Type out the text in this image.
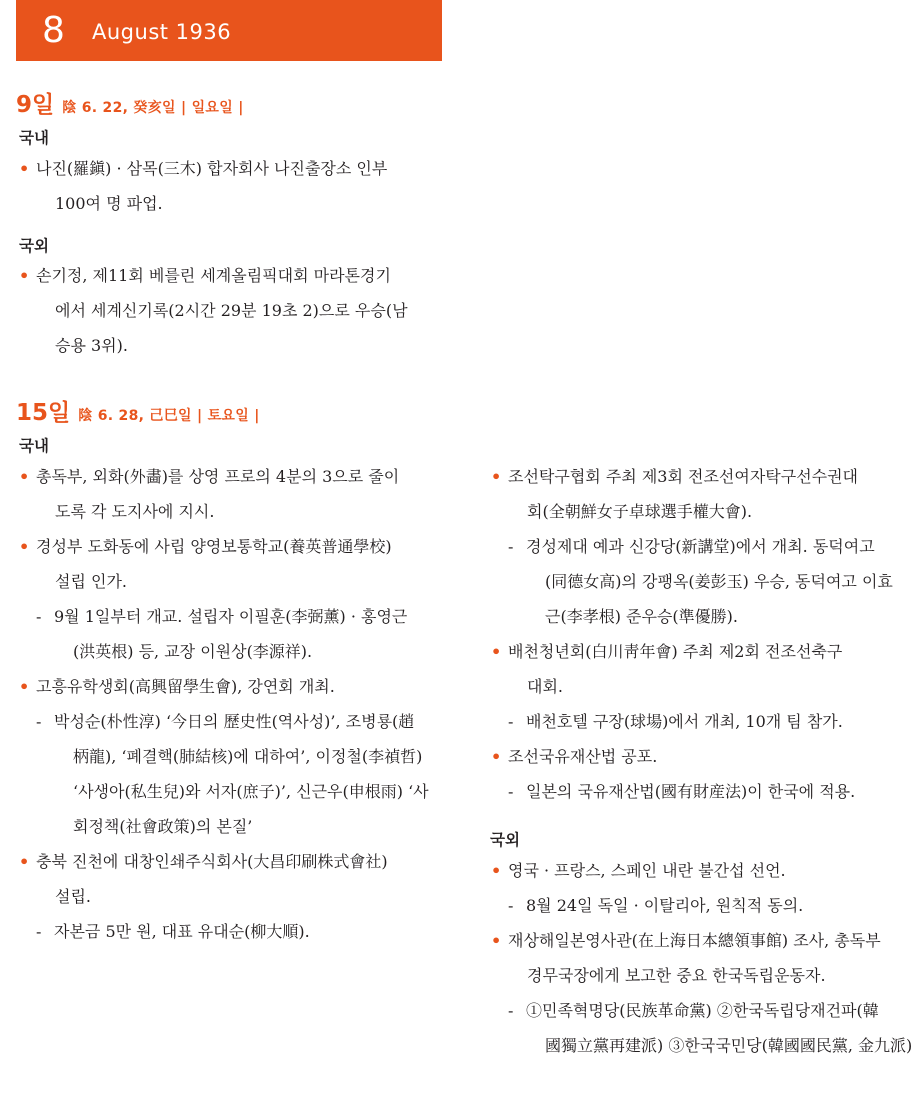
8 August 1936
9일 陰 6. 22, 癸亥일 | 일요일 |
국내
• 나진(羅鎭) · 삼목(三木) 합자회사 나진출장소 인부
100여 명 파업.
국외
• 손기정, 제11회 베를린 세계올림픽대회 마라톤경기
에서 세계신기록(2시간 29분 19초 2)으로 우승(남
승용 3위).
15일 陰 6. 28, 己巳일 | 토요일 |
국내
• 총독부, 외화(外畵)를 상영 프로의 4분의 3으로 줄이
도록 각 도지사에 지시.
• 경성부 도화동에 사립 양영보통학교(養英普通學校)
설립 인가.
- 9월 1일부터 개교. 설립자 이필훈(李弼薰) · 홍영근
(洪英根) 등, 교장 이원상(李源祥).
• 고흥유학생회(高興留學生會), 강연회 개최.
- 박성순(朴性淳) ‘今日의 歷史性(역사성)’, 조병룡(趙
柄龍), ‘폐결핵(肺結核)에 대하여’, 이정철(李禎哲)
‘사생아(私生兒)와 서자(庶子)’, 신근우(申根雨) ‘사
회정책(社會政策)의 본질’
• 충북 진천에 대창인쇄주식회사(大昌印刷株式會社)
설립.
- 자본금 5만 원, 대표 유대순(柳大順).
• 조선탁구협회 주최 제3회 전조선여자탁구선수권대
회(全朝鮮女子卓球選手權大會).
- 경성제대 예과 신강당(新講堂)에서 개최. 동덕여고
(同德女高)의 강팽옥(姜彭玉) 우승, 동덕여고 이효
근(李孝根) 준우승(準優勝).
• 배천청년회(白川靑年會) 주최 제2회 전조선축구
대회.
- 배천호텔 구장(球場)에서 개최, 10개 팀 참가.
• 조선국유재산법 공포.
- 일본의 국유재산법(國有財産法)이 한국에 적용.
국외
• 영국 · 프랑스, 스페인 내란 불간섭 선언.
- 8월 24일 독일 · 이탈리아, 원칙적 동의.
• 재상해일본영사관(在上海日本總領事館) 조사, 총독부
경무국장에게 보고한 중요 한국독립운동자.
- ①민족혁명당(民族革命黨) ②한국독립당재건파(韓
國獨立黨再建派) ③한국국민당(韓國國民黨, 金九派)
